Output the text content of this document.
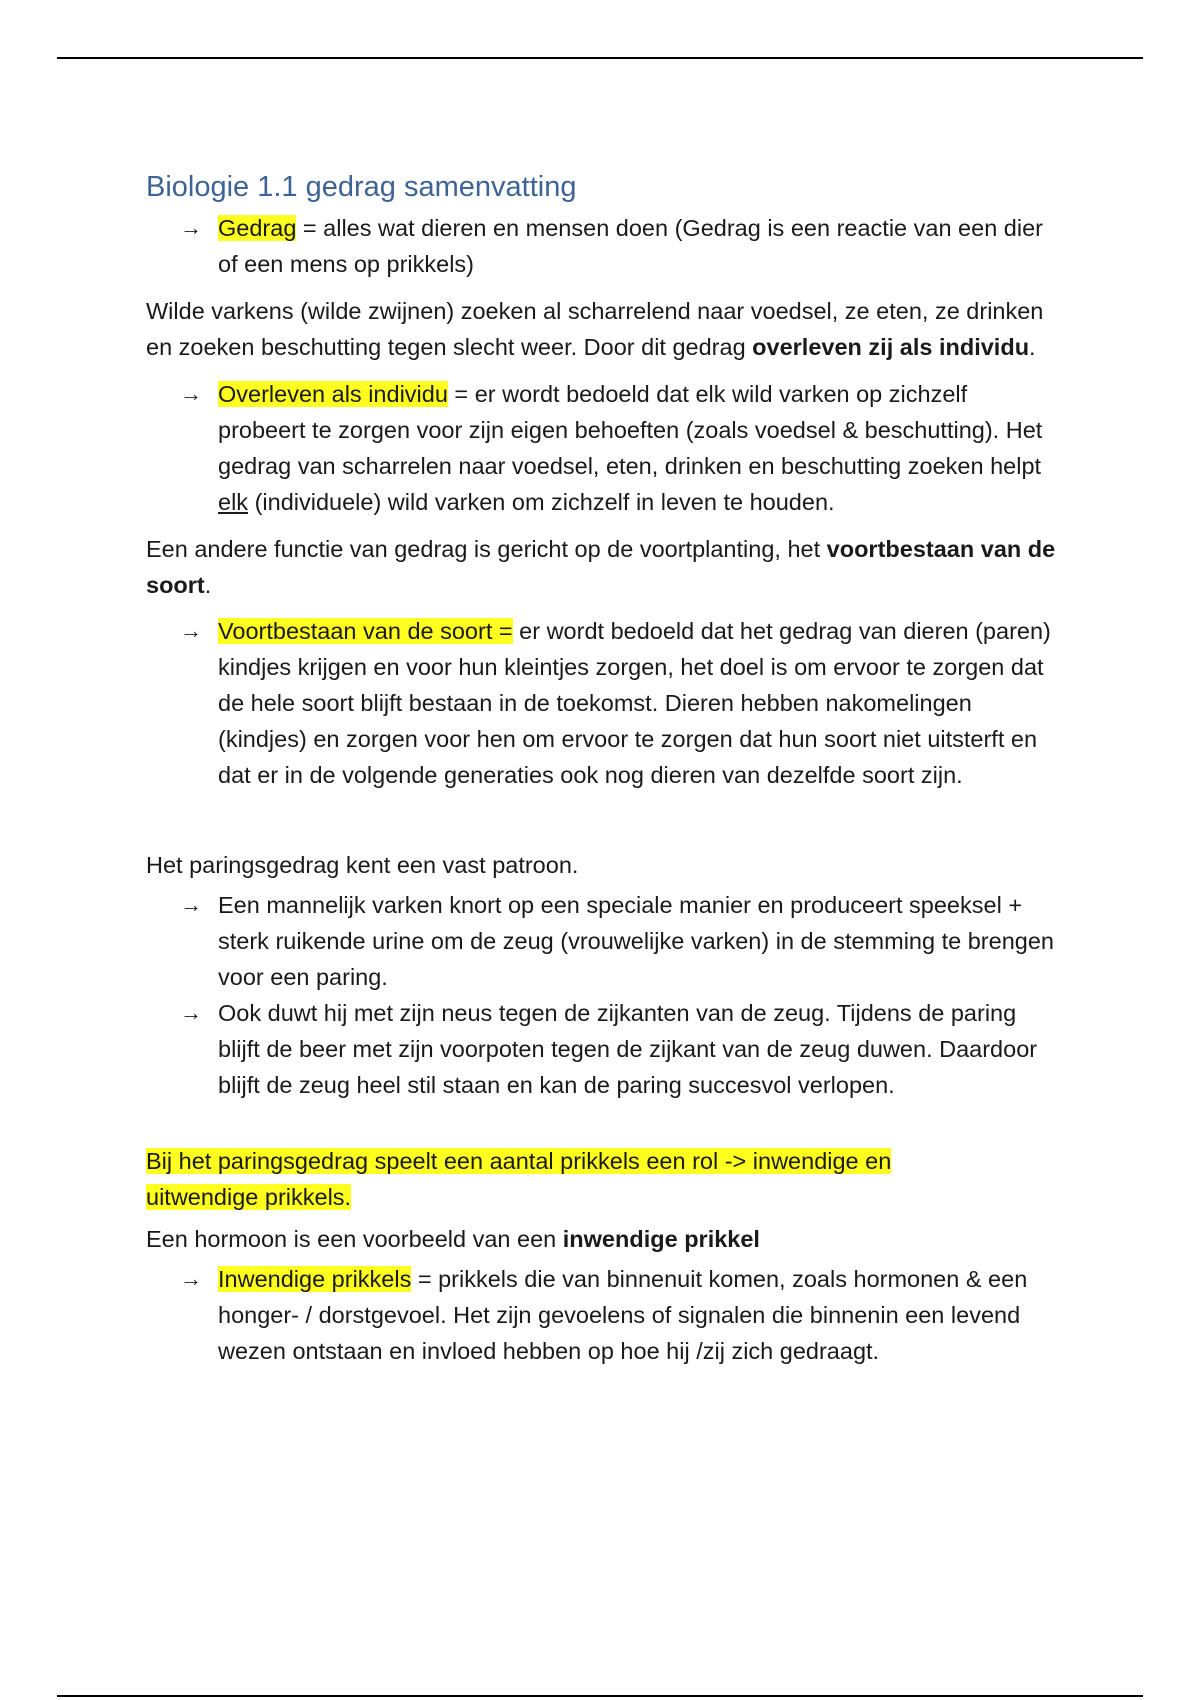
Biologie 1.1 gedrag samenvatting

→ Gedrag = alles wat dieren en mensen doen (Gedrag is een reactie van een dier of een mens op prikkels)

Wilde varkens (wilde zwijnen) zoeken al scharrelend naar voedsel, ze eten, ze drinken en zoeken beschutting tegen slecht weer. Door dit gedrag overleven zij als individu.

→ Overleven als individu = er wordt bedoeld dat elk wild varken op zichzelf probeert te zorgen voor zijn eigen behoeften (zoals voedsel & beschutting). Het gedrag van scharrelen naar voedsel, eten, drinken en beschutting zoeken helpt elk (individuele) wild varken om zichzelf in leven te houden.

Een andere functie van gedrag is gericht op de voortplanting, het voortbestaan van de soort.

→ Voortbestaan van de soort = er wordt bedoeld dat het gedrag van dieren (paren) kindjes krijgen en voor hun kleintjes zorgen, het doel is om ervoor te zorgen dat de hele soort blijft bestaan in de toekomst. Dieren hebben nakomelingen (kindjes) en zorgen voor hen om ervoor te zorgen dat hun soort niet uitsterft en dat er in de volgende generaties ook nog dieren van dezelfde soort zijn.

Het paringsgedrag kent een vast patroon.

→ Een mannelijk varken knort op een speciale manier en produceert speeksel + sterk ruikende urine om de zeug (vrouwelijke varken) in de stemming te brengen voor een paring.

→ Ook duwt hij met zijn neus tegen de zijkanten van de zeug. Tijdens de paring blijft de beer met zijn voorpoten tegen de zijkant van de zeug duwen. Daardoor blijft de zeug heel stil staan en kan de paring succesvol verlopen.

Bij het paringsgedrag speelt een aantal prikkels een rol -> inwendige en uitwendige prikkels.

Een hormoon is een voorbeeld van een inwendige prikkel

→ Inwendige prikkels = prikkels die van binnenuit komen, zoals hormonen & een honger- / dorstgevoel. Het zijn gevoelens of signalen die binnenin een levend wezen ontstaan en invloed hebben op hoe hij /zij zich gedraagt.
